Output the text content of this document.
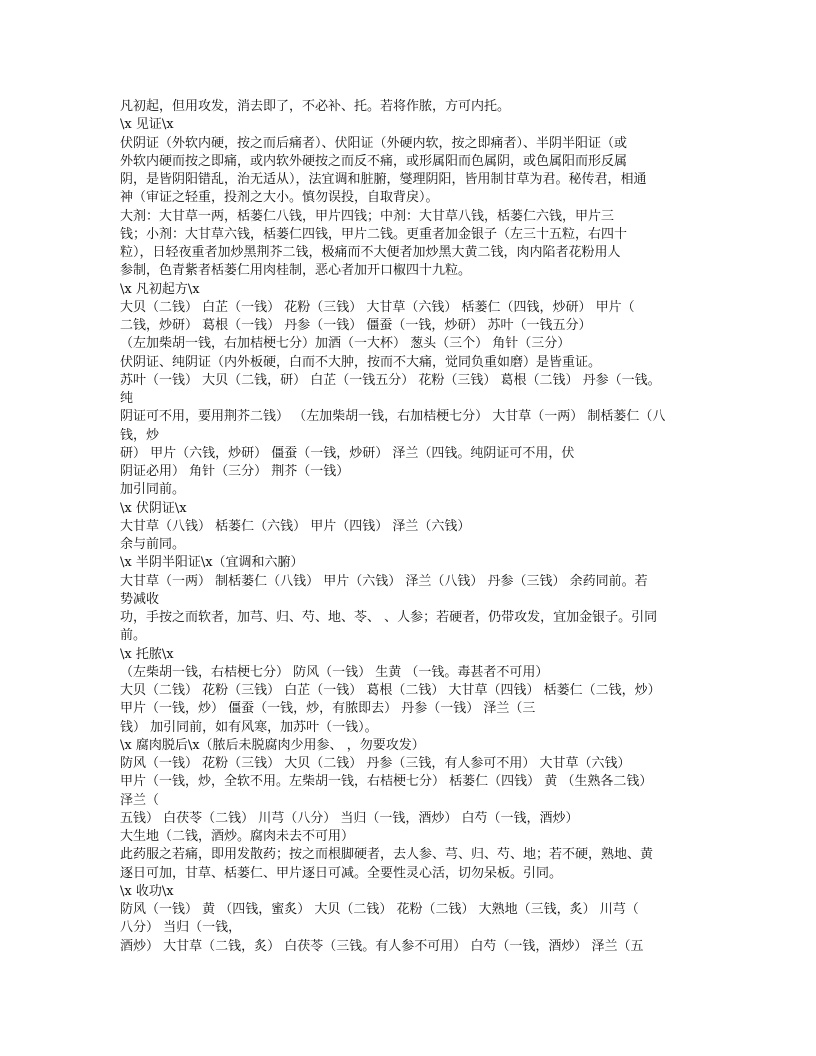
凡初起，但用攻发，消去即了，不必补、托。若将作脓，方可内托。
\x 见证\x
伏阴证（外软内硬，按之而后痛者）、伏阳证（外硬内软，按之即痛者）、半阴半阳证（或
外软内硬而按之即痛，或内软外硬按之而反不痛，或形属阳而色属阴，或色属阳而形反属
阴，是皆阴阳错乱，治无适从），法宜调和脏腑，燮理阴阳，皆用制甘草为君。秘传君，相通
神（审证之轻重，投剂之大小。慎勿误投，自取背戾）。
大剂：大甘草一两，栝蒌仁八钱，甲片四钱；中剂：大甘草八钱，栝蒌仁六钱，甲片三
钱；小剂：大甘草六钱，栝蒌仁四钱，甲片二钱。更重者加金银子（左三十五粒，右四十
粒），日轻夜重者加炒黑荆芥二钱，极痛而不大便者加炒黑大黄二钱，肉内陷者花粉用人
参制，色青紫者栝蒌仁用肉桂制，恶心者加开口椒四十九粒。
\x 凡初起方\x
大贝（二钱） 白芷（一钱） 花粉（三钱） 大甘草（六钱） 栝蒌仁（四钱，炒研） 甲片（
二钱，炒研） 葛根（一钱） 丹参（一钱） 僵蚕（一钱，炒研） 苏叶（一钱五分）
（左加柴胡一钱，右加桔梗七分）加酒（一大杯） 葱头（三个） 角针（三分）
伏阴证、纯阴证（内外板硬，白而不大肿，按而不大痛，觉同负重如磨）是皆重证。
苏叶（一钱） 大贝（二钱，研） 白芷（一钱五分） 花粉（三钱） 葛根（二钱） 丹参（一钱。
纯
阴证可不用，要用荆芥二钱） （左加柴胡一钱，右加桔梗七分） 大甘草（一两） 制栝蒌仁（八
钱，炒
研） 甲片（六钱，炒研） 僵蚕（一钱，炒研） 泽兰（四钱。纯阴证可不用，伏
阴证必用） 角针（三分） 荆芥（一钱）
加引同前。
\x 伏阴证\x
大甘草（八钱） 栝蒌仁（六钱） 甲片（四钱） 泽兰（六钱）
余与前同。
\x 半阴半阳证\x（宜调和六腑）
大甘草（一两） 制栝蒌仁（八钱） 甲片（六钱） 泽兰（八钱） 丹参（三钱） 余药同前。若
势减收
功，手按之而软者，加芎、归、芍、地、苓、 、人参；若硬者，仍带攻发，宜加金银子。引同
前。
\x 托脓\x
（左柴胡一钱，右桔梗七分） 防风（一钱） 生黄 （一钱。毒甚者不可用）
大贝（二钱） 花粉（三钱） 白芷（一钱） 葛根（二钱） 大甘草（四钱） 栝蒌仁（二钱，炒）
甲片（一钱，炒） 僵蚕（一钱，炒，有脓即去） 丹参（一钱） 泽兰（三
钱） 加引同前，如有风寒，加苏叶（一钱）。
\x 腐肉脱后\x（脓后未脱腐肉少用参、 ，勿要攻发）
防风（一钱） 花粉（三钱） 大贝（二钱） 丹参（三钱，有人参可不用） 大甘草（六钱）
甲片（一钱，炒，全软不用。左柴胡一钱，右桔梗七分） 栝蒌仁（四钱） 黄 （生熟各二钱）
泽兰（
五钱） 白茯苓（二钱） 川芎（八分） 当归（一钱，酒炒） 白芍（一钱，酒炒）
大生地（二钱，酒炒。腐肉未去不可用）
此药服之若痛，即用发散药；按之而根脚硬者，去人参、芎、归、芍、地；若不硬，熟地、黄
逐日可加，甘草、栝蒌仁、甲片逐日可减。全要性灵心活，切勿呆板。引同。
\x 收功\x
防风（一钱） 黄 （四钱，蜜炙） 大贝（二钱） 花粉（二钱） 大熟地（三钱，炙） 川芎（
八分） 当归（一钱，
酒炒） 大甘草（二钱，炙） 白茯苓（三钱。有人参不可用） 白芍（一钱，酒炒） 泽兰（五
